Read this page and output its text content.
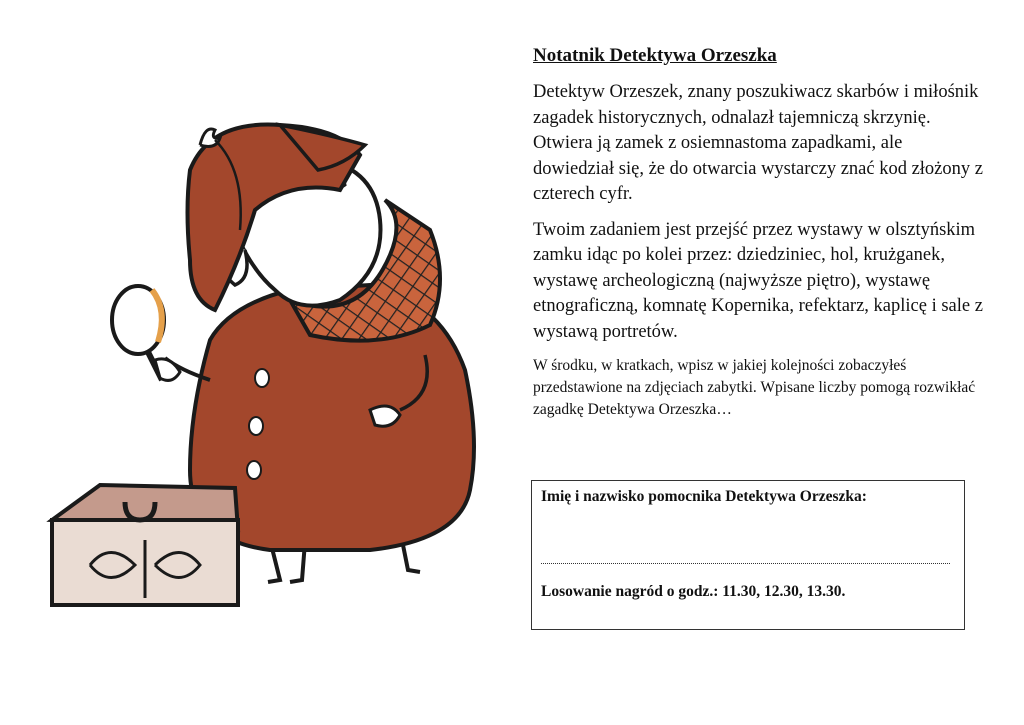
Notatnik Detektywa Orzeszka

Detektyw Orzeszek, znany poszukiwacz skarbów i miłośnik zagadek historycznych, odnalazł tajemniczą skrzynię. Otwiera ją zamek z osiemnastoma zapadkami, ale dowiedział się, że do otwarcia wystarczy znać kod złożony z czterech cyfr.

Twoim zadaniem jest przejść przez wystawy w olsztyńskim zamku idąc po kolei przez: dziedziniec, hol, krużganek, wystawę archeologiczną (najwyższe piętro), wystawę etnograficzną, komnatę Kopernika, refektarz, kaplicę i sale z wystawą portretów.

W środku, w kratkach, wpisz w jakiej kolejności zobaczyłeś przedstawione na zdjęciach zabytki. Wpisane liczby pomogą rozwikłać zagadkę Detektywa Orzeszka…

Imię i nazwisko pomocnika Detektywa Orzeszka:
Losowanie nagród o godz.: 11.30, 12.30, 13.30.
